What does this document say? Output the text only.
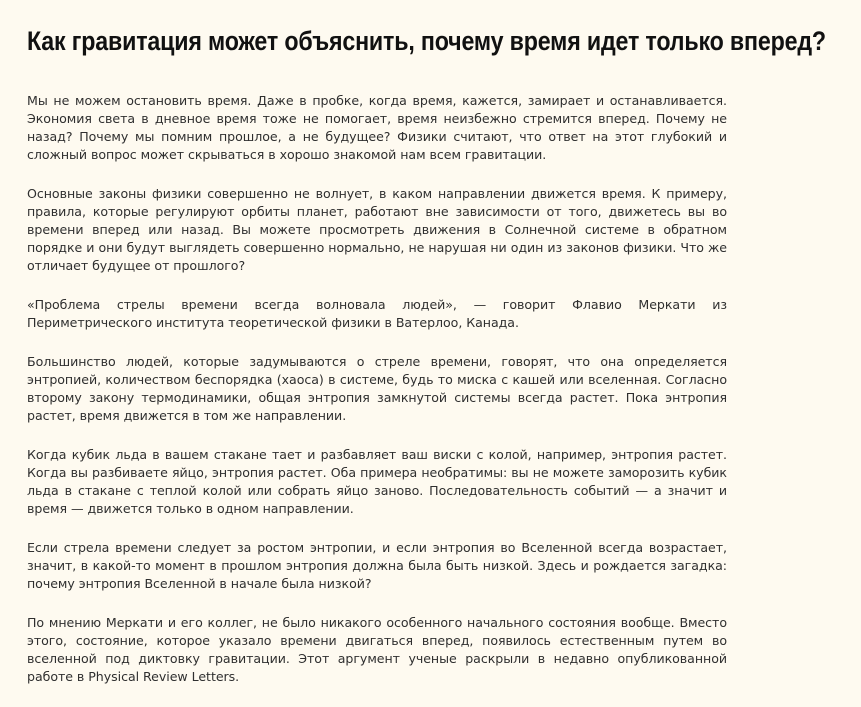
Как гравитация может объяснить, почему время идет только вперед?

Мы не можем остановить время. Даже в пробке, когда время, кажется, замирает и останавливается. Экономия света в дневное время тоже не помогает, время неизбежно стремится вперед. Почему не назад? Почему мы помним прошлое, а не будущее? Физики считают, что ответ на этот глубокий и сложный вопрос может скрываться в хорошо знакомой нам всем гравитации.

Основные законы физики совершенно не волнует, в каком направлении движется время. К примеру, правила, которые регулируют орбиты планет, работают вне зависимости от того, движетесь вы во времени вперед или назад. Вы можете просмотреть движения в Солнечной системе в обратном порядке и они будут выглядеть совершенно нормально, не нарушая ни один из законов физики. Что же отличает будущее от прошлого?

«Проблема стрелы времени всегда волновала людей», — говорит Флавио Меркати из Периметрического института теоретической физики в Ватерлоо, Канада.

Большинство людей, которые задумываются о стреле времени, говорят, что она определяется энтропией, количеством беспорядка (хаоса) в системе, будь то миска с кашей или вселенная. Согласно второму закону термодинамики, общая энтропия замкнутой системы всегда растет. Пока энтропия растет, время движется в том же направлении.

Когда кубик льда в вашем стакане тает и разбавляет ваш виски с колой, например, энтропия растет. Когда вы разбиваете яйцо, энтропия растет. Оба примера необратимы: вы не можете заморозить кубик льда в стакане с теплой колой или собрать яйцо заново. Последовательность событий — а значит и время — движется только в одном направлении.

Если стрела времени следует за ростом энтропии, и если энтропия во Вселенной всегда возрастает, значит, в какой-то момент в прошлом энтропия должна была быть низкой. Здесь и рождается загадка: почему энтропия Вселенной в начале была низкой?

По мнению Меркати и его коллег, не было никакого особенного начального состояния вообще. Вместо этого, состояние, которое указало времени двигаться вперед, появилось естественным путем во вселенной под диктовку гравитации. Этот аргумент ученые раскрыли в недавно опубликованной работе в Physical Review Letters.
